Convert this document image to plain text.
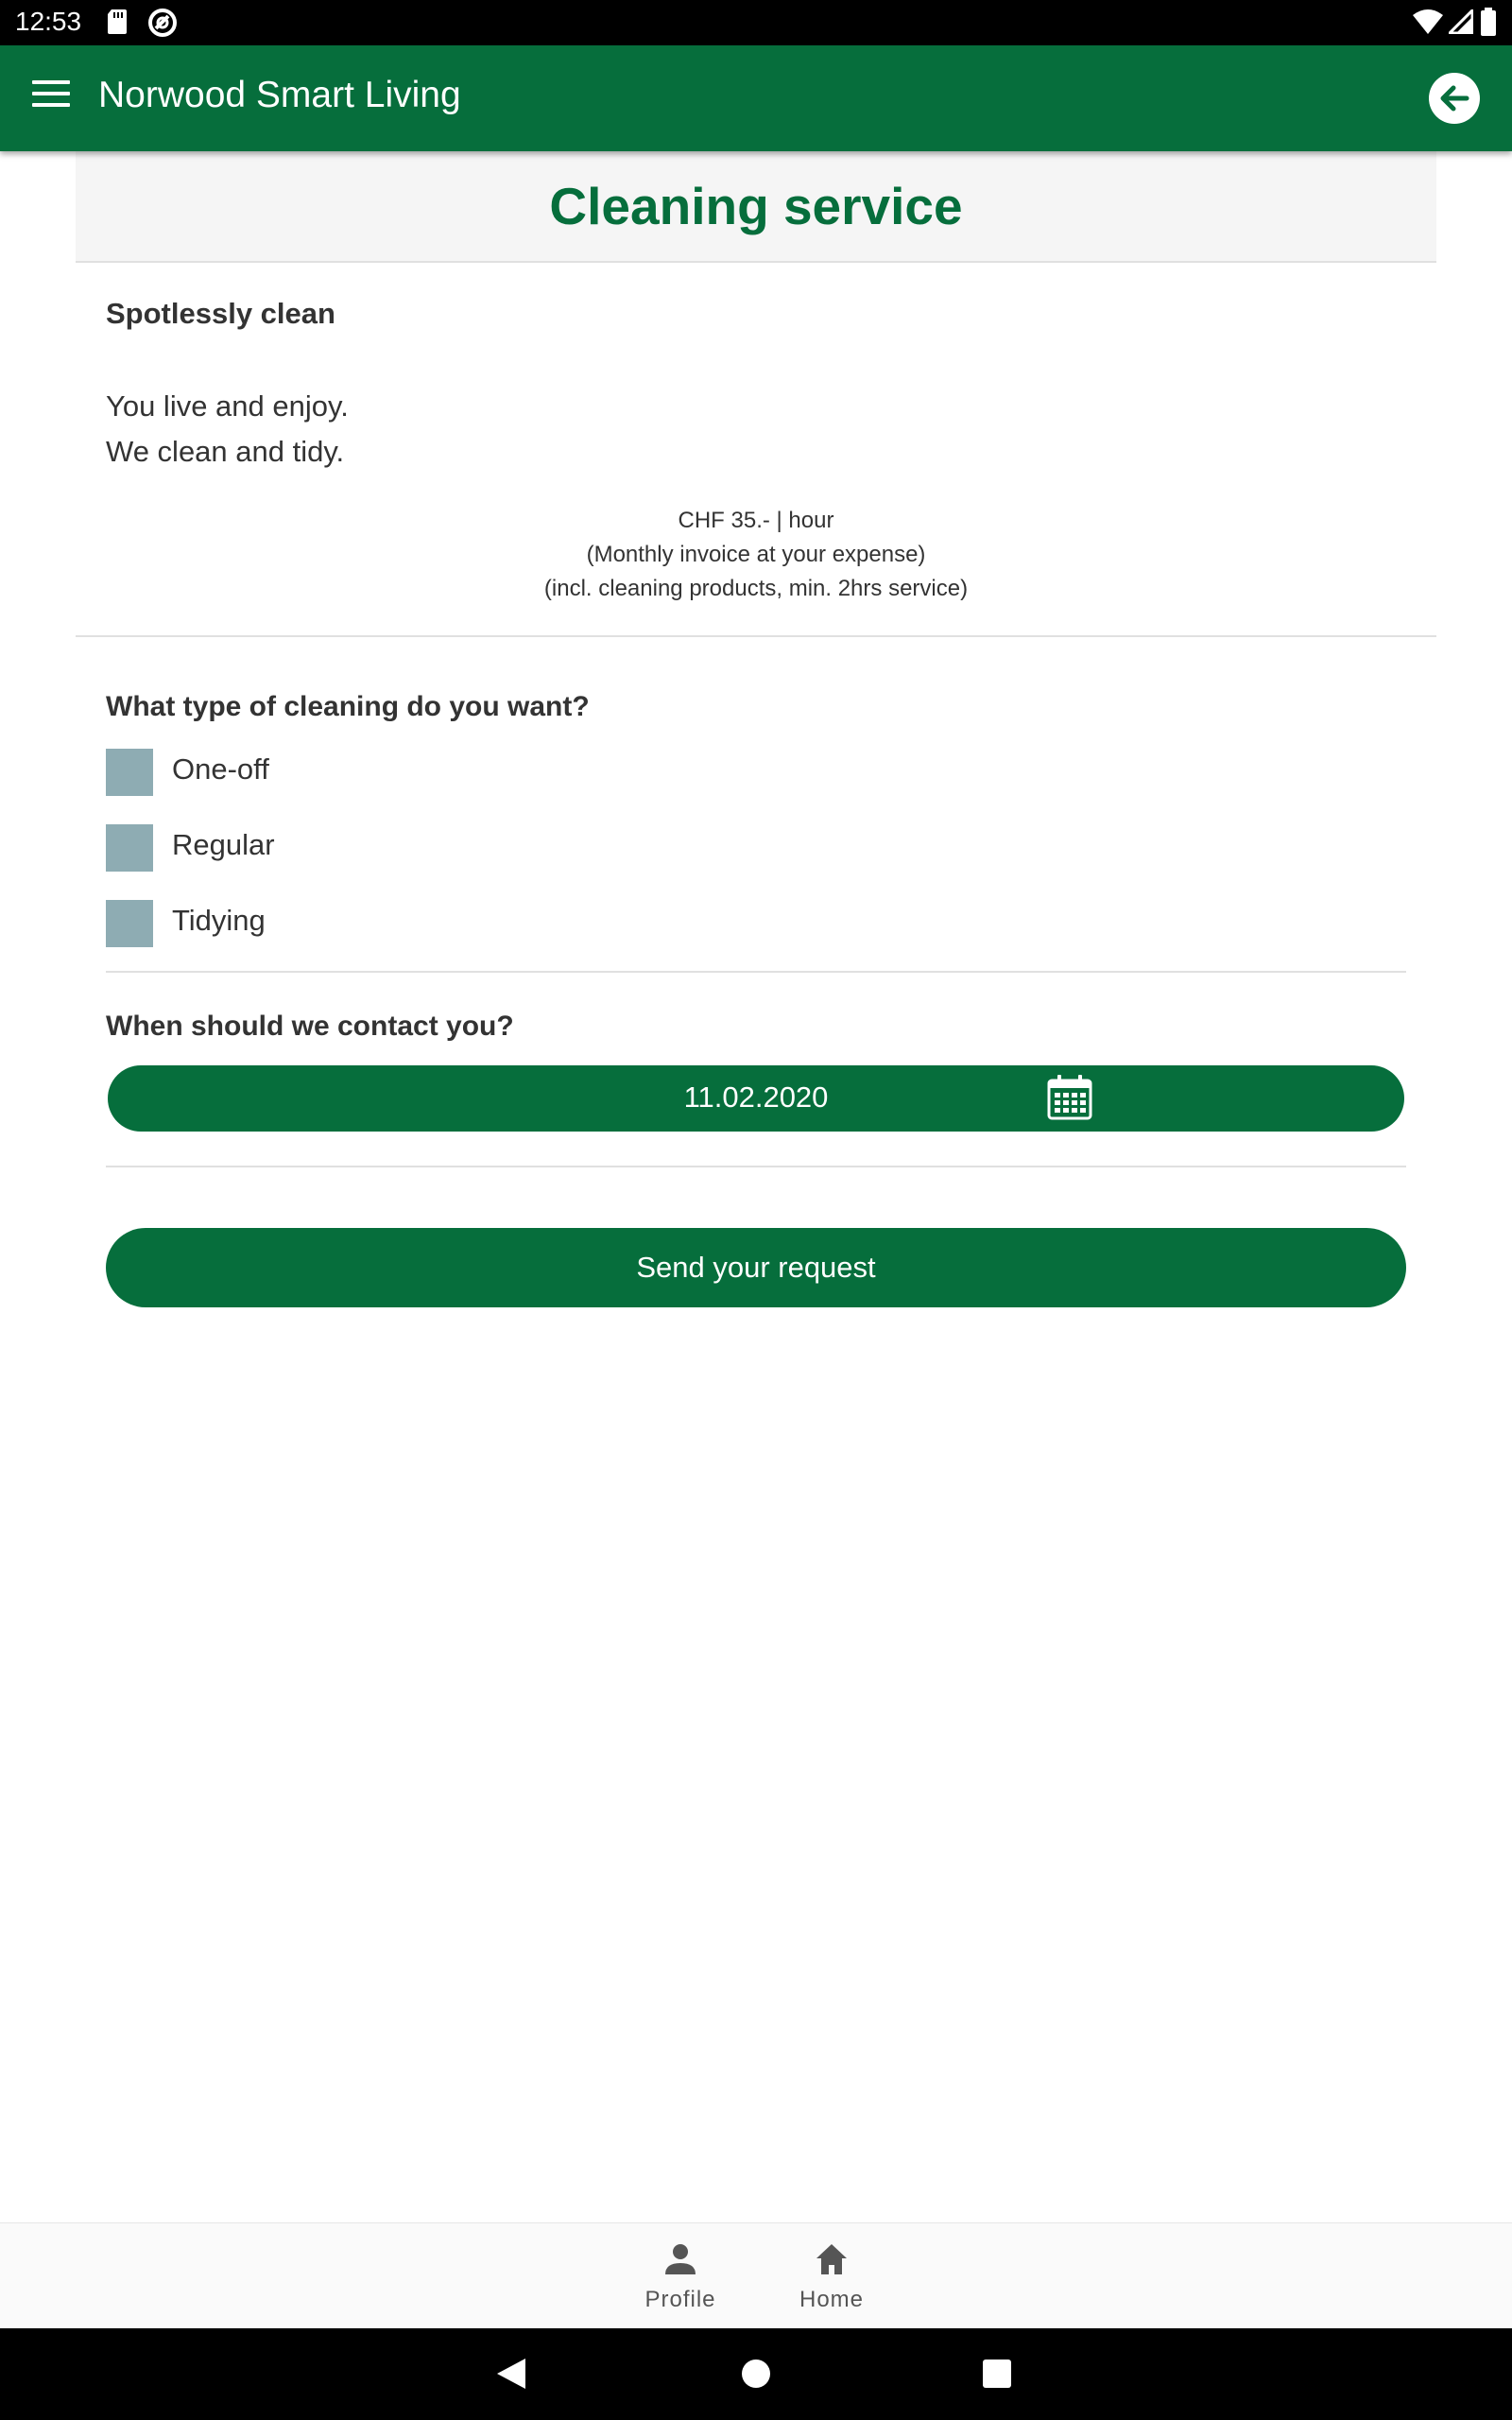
12:53
Norwood Smart Living
Cleaning service
Spotlessly clean
You live and enjoy.
We clean and tidy.
CHF 35.- | hour
(Monthly invoice at your expense)
(incl. cleaning products, min. 2hrs service)
What type of cleaning do you want?
One-off
Regular
Tidying
When should we contact you?
11.02.2020
Send your request
Profile	Home
